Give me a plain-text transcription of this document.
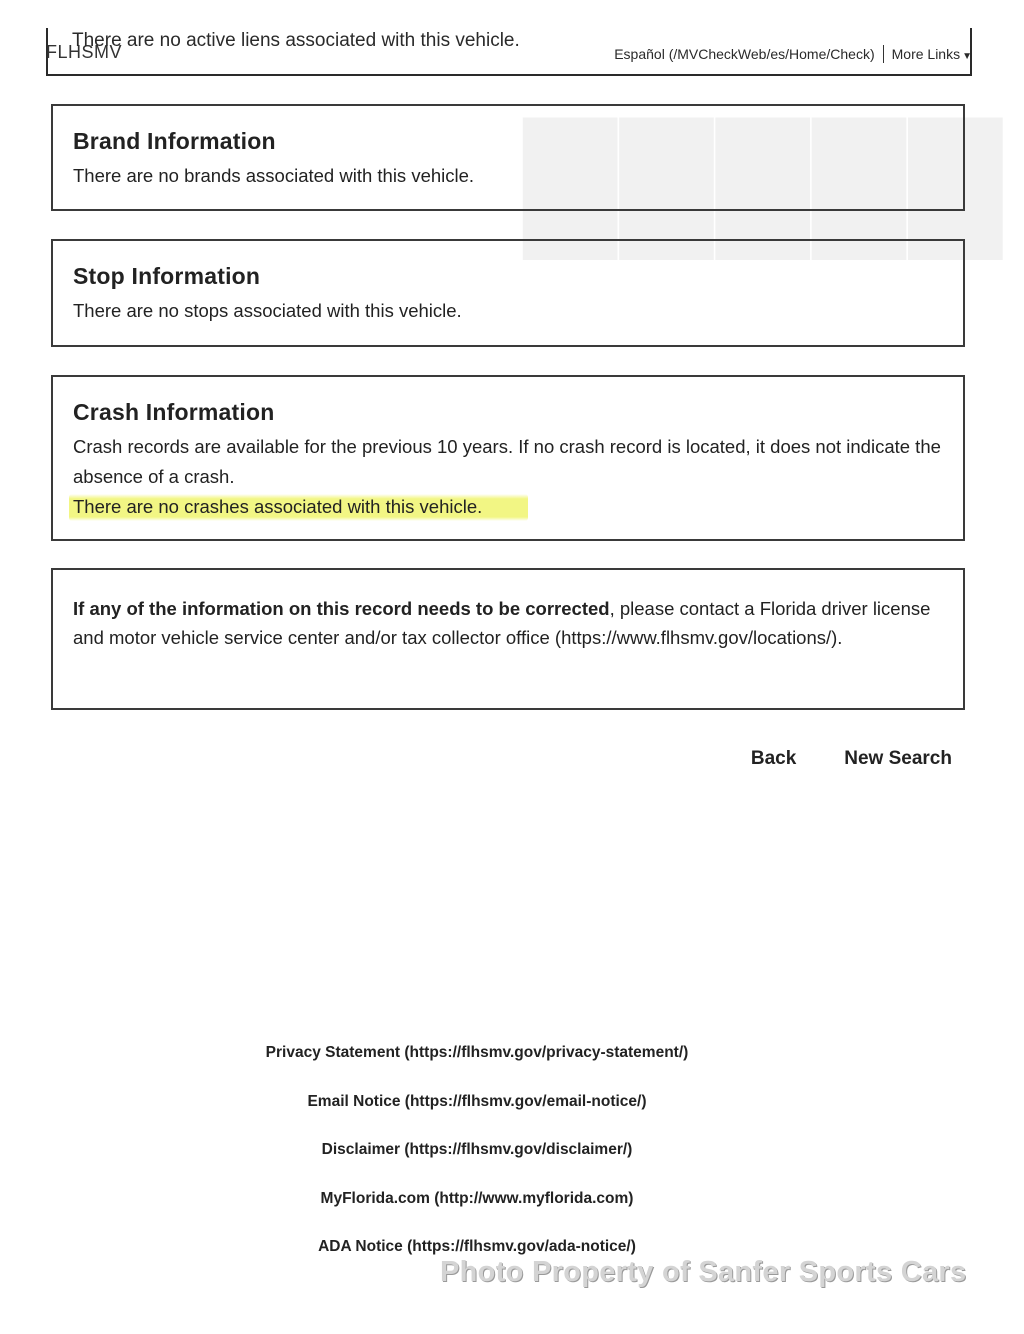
█████
FLHSMV
There are no active liens associated with this vehicle.
Español (/MVCheckWeb/es/Home/Check) More Links ▼
Brand Information

There are no brands associated with this vehicle.

Stop Information

There are no stops associated with this vehicle.

Crash Information

Crash records are available for the previous 10 years. If no crash record is located, it does not indicate the absence of a crash.

There are no crashes associated with this vehicle.

If any of the information on this record needs to be corrected, please contact a Florida driver license and motor vehicle service center and/or tax collector office (https://www.flhsmv.gov/locations/).

Back	New Search
Privacy Statement (https://flhsmv.gov/privacy-statement/)
Email Notice (https://flhsmv.gov/email-notice/)
Disclaimer (https://flhsmv.gov/disclaimer/)
MyFlorida.com (http://www.myflorida.com)
ADA Notice (https://flhsmv.gov/ada-notice/)
Photo Property of Sanfer Sports Cars
